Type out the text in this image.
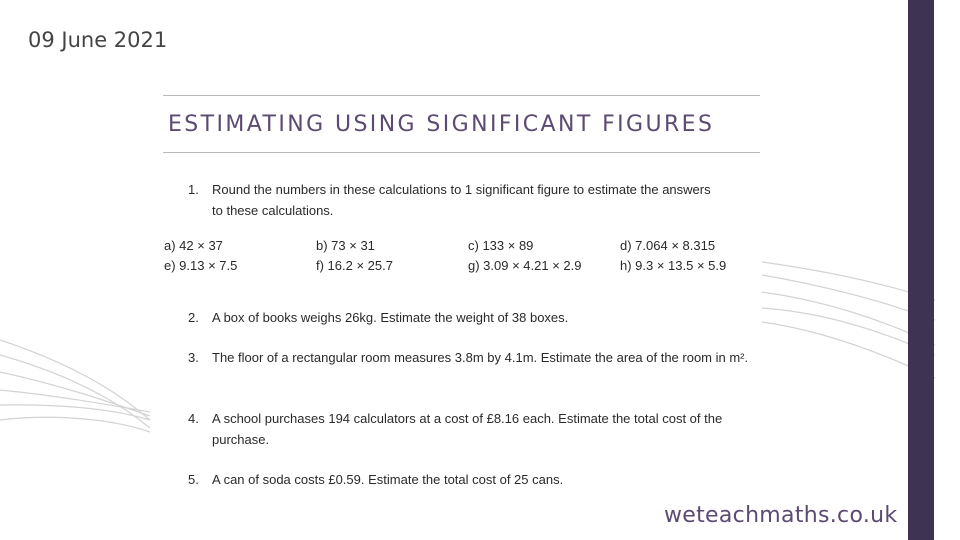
09 June 2021
ESTIMATING USING SIGNIFICANT FIGURES
1. Round the numbers in these calculations to 1 significant figure to estimate the answers to these calculations.
a) 42 × 37	b) 73 × 31	c) 133 × 89	d) 7.064 × 8.315
e) 9.13 × 7.5	f) 16.2 × 25.7	g) 3.09 × 4.21 × 2.9	h) 9.3 × 13.5 × 5.9
2. A box of books weighs 26kg. Estimate the weight of 38 boxes.
3. The floor of a rectangular room measures 3.8m by 4.1m. Estimate the area of the room in m².
4. A school purchases 194 calculators at a cost of £8.16 each. Estimate the total cost of the purchase.
5. A can of soda costs £0.59. Estimate the total cost of 25 cans.
weteachmaths.co.uk
